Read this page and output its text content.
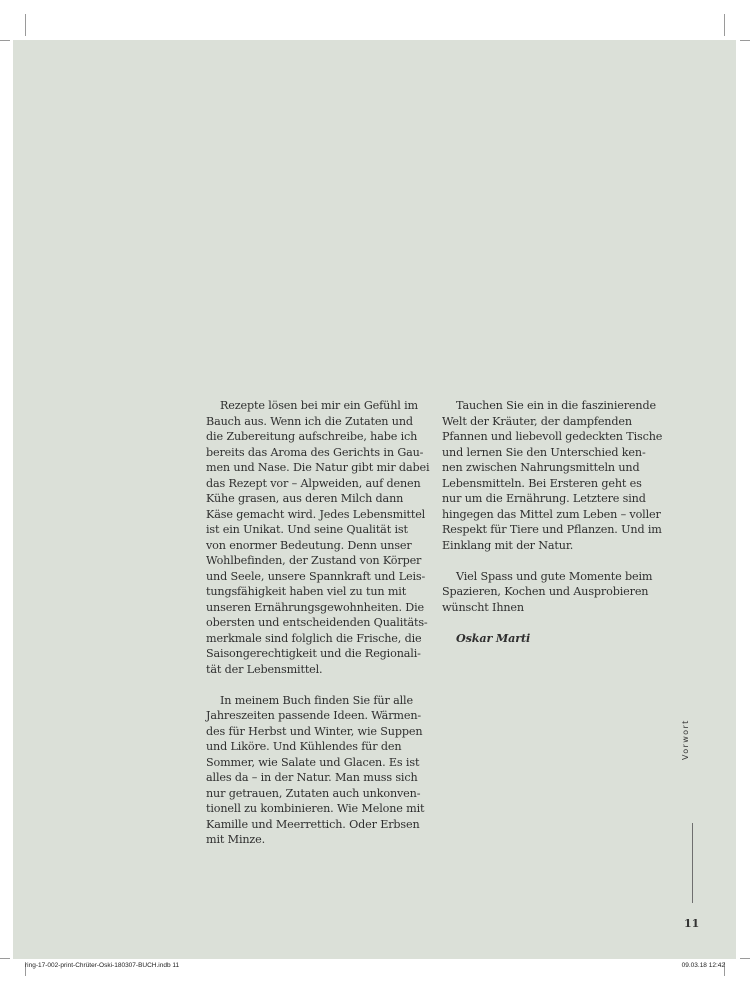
Rezepte lösen bei mir ein Gefühl im
Bauch aus. Wenn ich die Zutaten und
die Zubereitung aufschreibe, habe ich
bereits das Aroma des Gerichts in Gau-
men und Nase. Die Natur gibt mir dabei
das Rezept vor – Alpweiden, auf denen
Kühe grasen, aus deren Milch dann
Käse gemacht wird. Jedes Lebensmittel
ist ein Unikat. Und seine Qualität ist
von enormer Bedeutung. Denn unser
Wohlbefinden, der Zustand von Körper
und Seele, unsere Spannkraft und Leis-
tungsfähigkeit haben viel zu tun mit
unseren Ernährungsgewohnheiten. Die
obersten und entscheidenden Qualitäts-
merkmale sind folglich die Frische, die
Saisongerechtigkeit und die Regionali-
tät der Lebensmittel.

In meinem Buch finden Sie für alle
Jahreszeiten passende Ideen. Wärmen-
des für Herbst und Winter, wie Suppen
und Liköre. Und Kühlendes für den
Sommer, wie Salate und Glacen. Es ist
alles da – in der Natur. Man muss sich
nur getrauen, Zutaten auch unkonven-
tionell zu kombinieren. Wie Melone mit
Kamille und Meerrettich. Oder Erbsen
mit Minze.

Tauchen Sie ein in die faszinierende
Welt der Kräuter, der dampfenden
Pfannen und liebevoll gedeckten Tische
und lernen Sie den Unterschied ken-
nen zwischen Nahrungsmitteln und
Lebensmitteln. Bei Ersteren geht es
nur um die Ernährung. Letztere sind
hingegen das Mittel zum Leben – voller
Respekt für Tiere und Pflanzen. Und im
Einklang mit der Natur.

Viel Spass und gute Momente beim
Spazieren, Kochen und Ausprobieren
wünscht Ihnen

Oskar Marti

Vorwort
11
ring-17-002-print-Chrüter-Oski-180307-BUCH.indb 11	09.03.18 12:42
